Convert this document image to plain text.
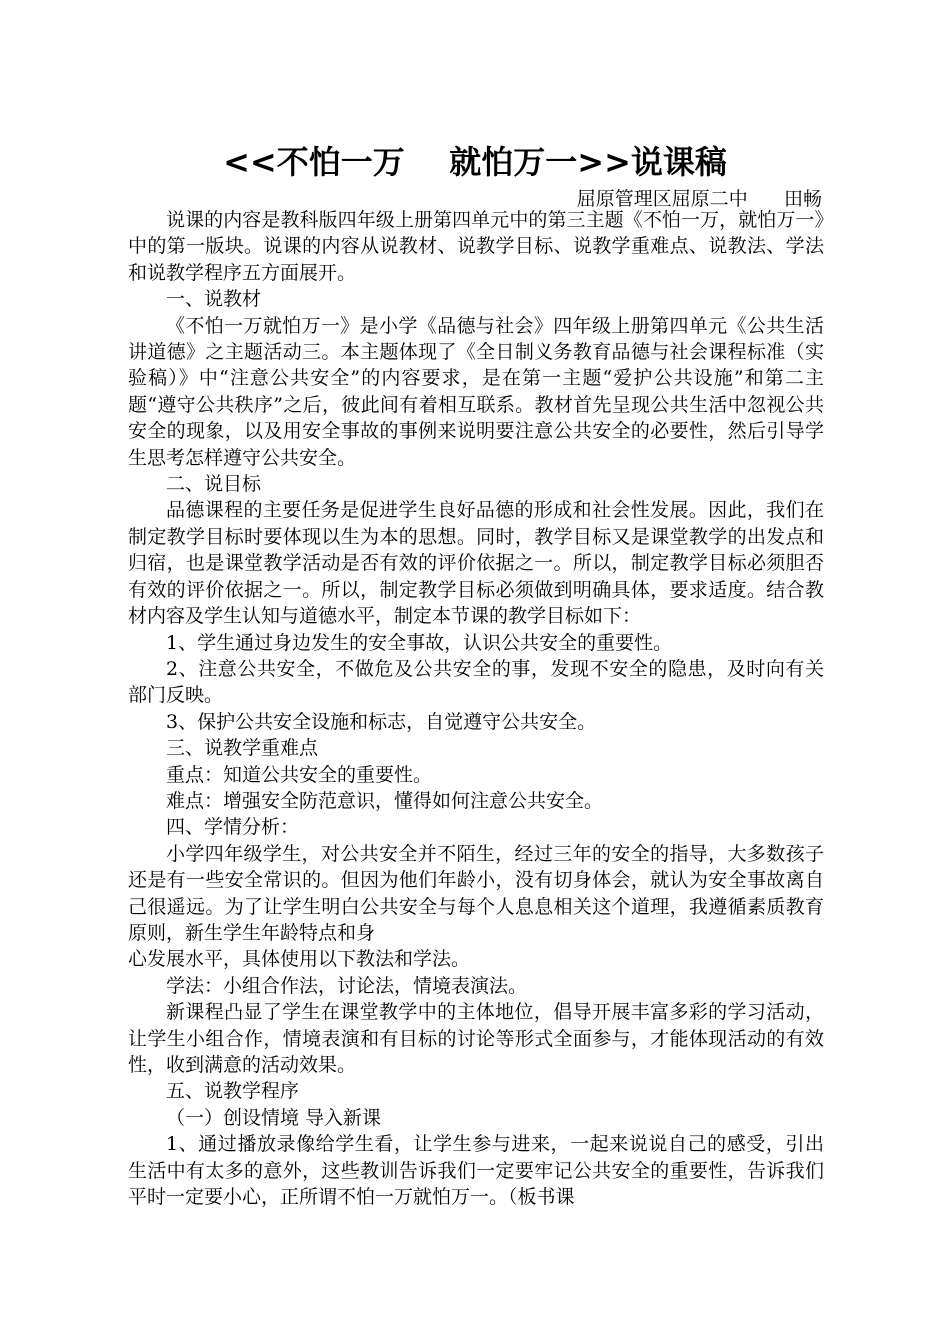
<<不怕一万    就怕万一>>说课稿
屈原管理区屈原二中      田畅

说课的内容是教科版四年级上册第四单元中的第三主题《不怕一万，就怕万一》中的第一版块。说课的内容从说教材、说教学目标、说教学重难点、说教法、学法和说教学程序五方面展开。

一、说教材

《不怕一万就怕万一》是小学《品德与社会》四年级上册第四单元《公共生活讲道德》之主题活动三。本主题体现了《全日制义务教育品德与社会课程标准（实验稿）》中“注意公共安全”的内容要求，是在第一主题“爱护公共设施”和第二主题“遵守公共秩序”之后，彼此间有着相互联系。教材首先呈现公共生活中忽视公共安全的现象，以及用安全事故的事例来说明要注意公共安全的必要性，然后引导学生思考怎样遵守公共安全。

二、说目标

品德课程的主要任务是促进学生良好品德的形成和社会性发展。因此，我们在制定教学目标时要体现以生为本的思想。同时，教学目标又是课堂教学的出发点和归宿，也是课堂教学活动是否有效的评价依据之一。所以，制定教学目标必须胆否有效的评价依据之一。所以，制定教学目标必须做到明确具体，要求适度。结合教材内容及学生认知与道德水平，制定本节课的教学目标如下：

1、学生通过身边发生的安全事故，认识公共安全的重要性。

2、注意公共安全，不做危及公共安全的事，发现不安全的隐患，及时向有关部门反映。

3、保护公共安全设施和标志，自觉遵守公共安全。

三、说教学重难点

重点：知道公共安全的重要性。

难点：增强安全防范意识，懂得如何注意公共安全。

四、学情分析：

小学四年级学生，对公共安全并不陌生，经过三年的安全的指导，大多数孩子还是有一些安全常识的。但因为他们年龄小，没有切身体会，就认为安全事故离自己很遥远。为了让学生明白公共安全与每个人息息相关这个道理，我遵循素质教育原则，新生学生年龄特点和身

心发展水平，具体使用以下教法和学法。

学法：小组合作法，讨论法，情境表演法。

新课程凸显了学生在课堂教学中的主体地位，倡导开展丰富多彩的学习活动，让学生小组合作，情境表演和有目标的讨论等形式全面参与，才能体现活动的有效性，收到满意的活动效果。

五、说教学程序

（一）创设情境 导入新课

1、通过播放录像给学生看，让学生参与进来，一起来说说自己的感受，引出生活中有太多的意外，这些教训告诉我们一定要牢记公共安全的重要性，告诉我们平时一定要小心，正所谓不怕一万就怕万一。（板书课
